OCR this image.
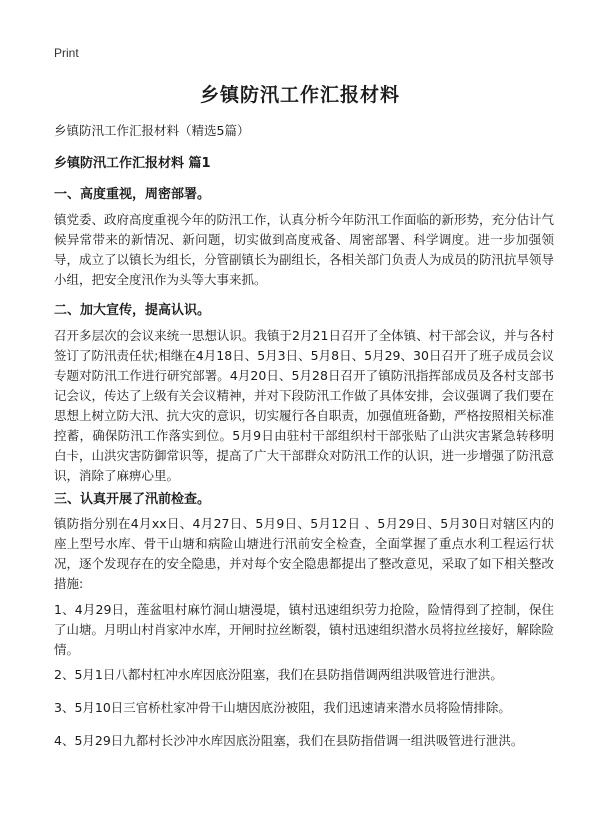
Print
乡镇防汛工作汇报材料

乡镇防汛工作汇报材料（精选5篇）

乡镇防汛工作汇报材料 篇1
一、高度重视，周密部署。

镇党委、政府高度重视今年的防汛工作，认真分析今年防汛工作面临的新形势，充分估计气候异常带来的新情况、新问题，切实做到高度戒备、周密部署、科学调度。进一步加强领导，成立了以镇长为组长，分管副镇长为副组长，各相关部门负责人为成员的防汛抗旱领导小组，把安全度汛作为头等大事来抓。

二、加大宣传，提高认识。

召开多层次的会议来统一思想认识。我镇于2月21日召开了全体镇、村干部会议，并与各村签订了防汛责任状;相继在4月18日、5月3日、5月8日、5月29、30日召开了班子成员会议专题对防汛工作进行研究部署。4月20日、5月28日召开了镇防汛指挥部成员及各村支部书记会议，传达了上级有关会议精神，并对下段防汛工作做了具体安排，会议强调了我们要在思想上树立防大汛、抗大灾的意识，切实履行各自职责，加强值班备勤，严格按照相关标准控蓄，确保防汛工作落实到位。5月9日由驻村干部组织村干部张贴了山洪灾害紧急转移明白卡，山洪灾害防御常识等，提高了广大干部群众对防汛工作的认识，进一步增强了防汛意识，消除了麻痹心里。

三、认真开展了汛前检查。

镇防指分别在4月xx日、4月27日、5月9日、5月12日 、5月29日、5月30日对辖区内的座上型号水库、骨干山塘和病险山塘进行汛前安全检查，全面掌握了重点水利工程运行状况，逐个发现存在的安全隐患，并对每个安全隐患都提出了整改意见，采取了如下相关整改措施:

1、4月29日，莲盆咀村麻竹洞山塘漫堤，镇村迅速组织劳力抢险，险情得到了控制，保住了山塘。月明山村肖家冲水库，开闸时拉丝断裂，镇村迅速组织潜水员将拉丝接好，解除险情。

2、5月1日八都村杠冲水库因底汾阻塞，我们在县防指借调两组洪吸管进行泄洪。

3、5月10日三官桥杜家冲骨干山塘因底汾被阻，我们迅速请来潜水员将险情排除。

4、5月29日九都村长沙冲水库因底汾阻塞，我们在县防指借调一组洪吸管进行泄洪。
